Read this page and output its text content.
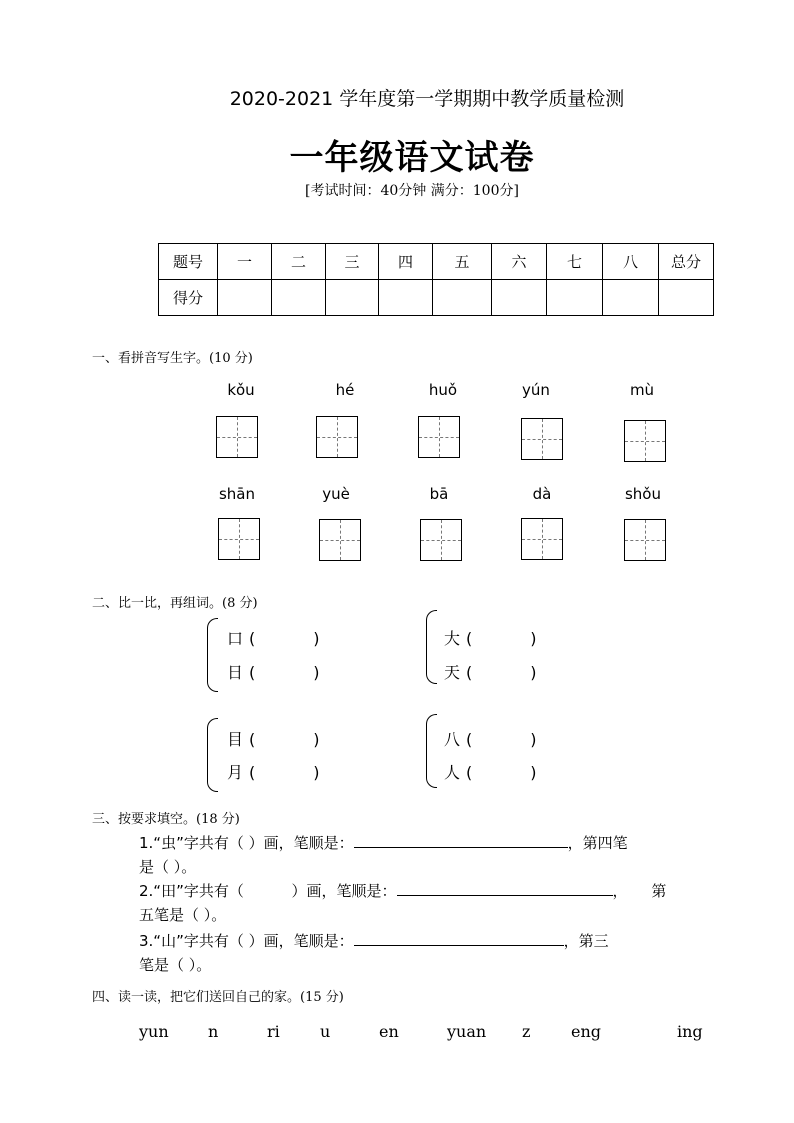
2020-2021 学年度第一学期期中教学质量检测
一年级语文试卷
[考试时间：40分钟 满分：100分]
题号	一	二	三	四	五	六	七	八	总分
得分									
一、看拼音写生字。(10 分)
kǒu	hé	huǒ	yún	mù
shān	yuè	bā	dà	shǒu
二、比一比，再组词。(8 分)
口 (	)
日 (	)
大 (	)
天 (	)
目 (	)
月 (	)
八 (	)
人 (	)
三、按要求填空。(18 分)
1.“虫”字共有（ ）画，笔顺是：	，第四笔
是（ ）。
2.“田”字共有（          ）画，笔顺是：	，     第
五笔是（ ）。
3.“山”字共有（ ）画，笔顺是：	，第三
笔是（ ）。
四、读一读，把它们送回自己的家。(15 分)
yun n	ri	u	en	yuan z	eng	ing
